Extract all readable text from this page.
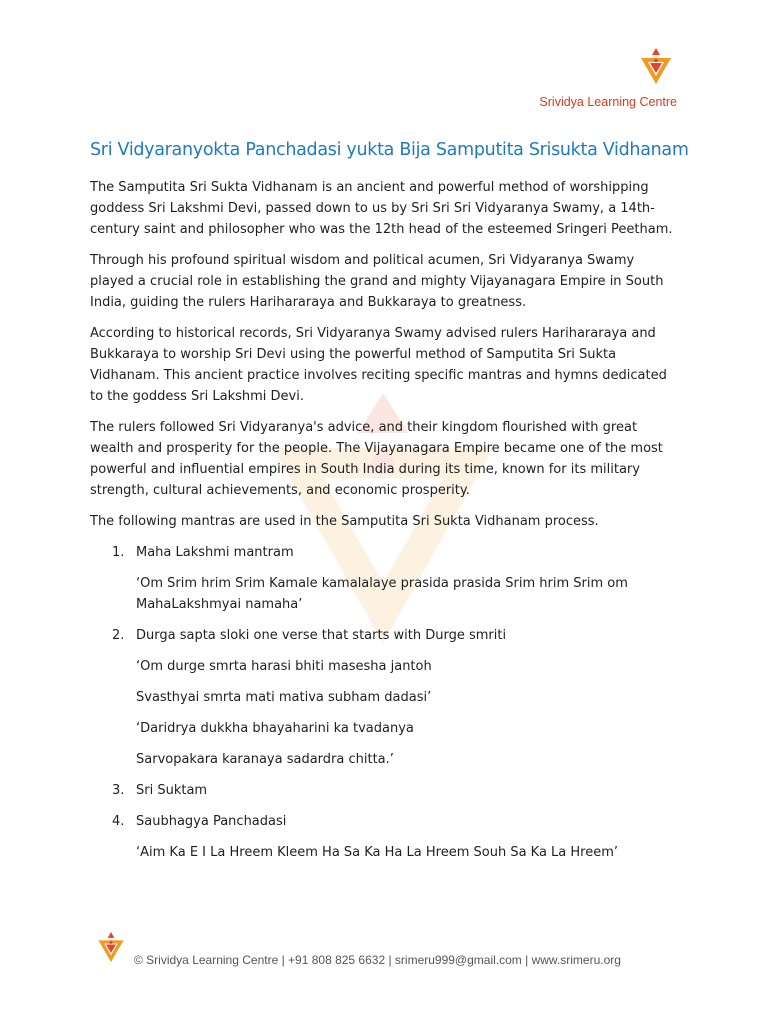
Srividya Learning Centre
Sri Vidyaranyokta Panchadasi yukta Bija Samputita Srisukta Vidhanam

The Samputita Sri Sukta Vidhanam is an ancient and powerful method of worshipping goddess Sri Lakshmi Devi, passed down to us by Sri Sri Sri Vidyaranya Swamy, a 14th-century saint and philosopher who was the 12th head of the esteemed Sringeri Peetham.

Through his profound spiritual wisdom and political acumen, Sri Vidyaranya Swamy played a crucial role in establishing the grand and mighty Vijayanagara Empire in South India, guiding the rulers Harihararaya and Bukkaraya to greatness.

According to historical records, Sri Vidyaranya Swamy advised rulers Harihararaya and Bukkaraya to worship Sri Devi using the powerful method of Samputita Sri Sukta Vidhanam. This ancient practice involves reciting specific mantras and hymns dedicated to the goddess Sri Lakshmi Devi.

The rulers followed Sri Vidyaranya's advice, and their kingdom flourished with great wealth and prosperity for the people. The Vijayanagara Empire became one of the most powerful and influential empires in South India during its time, known for its military strength, cultural achievements, and economic prosperity.

The following mantras are used in the Samputita Sri Sukta Vidhanam process.

1. Maha Lakshmi mantram
‘Om Srim hrim Srim Kamale kamalalaye prasida prasida Srim hrim Srim om MahaLakshmyai namaha’
2. Durga sapta sloki one verse that starts with Durge smriti
‘Om durge smrta harasi bhiti masesha jantoh
Svasthyai smrta mati mativa subham dadasi’
‘Daridrya dukkha bhayaharini ka tvadanya
Sarvopakara karanaya sadardra chitta.’
3. Sri Suktam
4. Saubhagya Panchadasi
‘Aim Ka E I La Hreem Kleem Ha Sa Ka Ha La Hreem Souh Sa Ka La Hreem’
© Srividya Learning Centre | +91 808 825 6632 | srimeru999@gmail.com | www.srimeru.org
